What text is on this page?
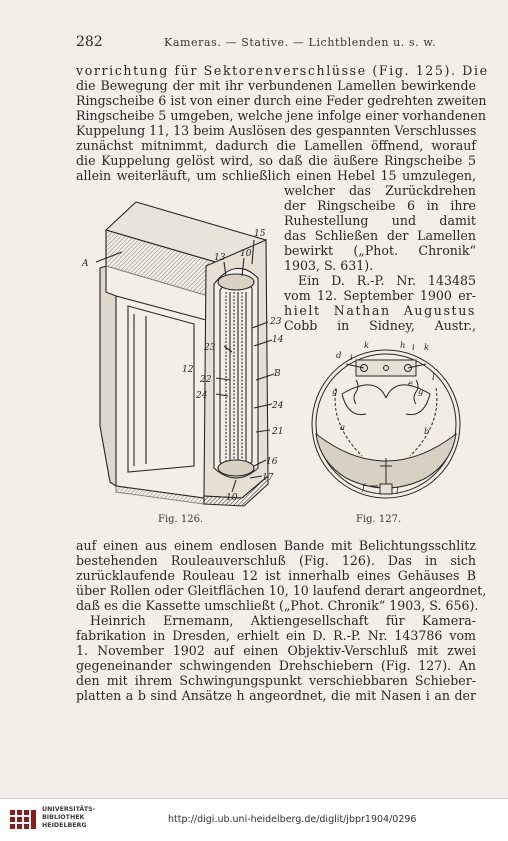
282	Kameras. — Stative. — Lichtblenden u. s. w.
vorrichtung für Sektorenverschlüsse (Fig. 125). Die
die Bewegung der mit ihr verbundenen Lamellen bewirkende
Ringscheibe 6 ist von einer durch eine Feder gedrehten zweiten
Ringscheibe 5 umgeben, welche jene infolge einer vorhandenen
Kuppelung 11, 13 beim Auslösen des gespannten Verschlusses
zunächst mitnimmt, dadurch die Lamellen öffnend, worauf
die Kuppelung gelöst wird, so daß die äußere Ringscheibe 5
allein weiterläuft, um schließlich einen Hebel 15 umzulegen,
welcher das Zurückdrehen
der Ringscheibe 6 in ihre
Ruhestellung und damit
das Schließen der Lamellen
bewirkt („Phot. Chronik“
1903, S. 631).
Ein D. R.-P. Nr. 143485
vom 12. September 1900 er-
hielt Nathan Augustus
Cobb in Sidney, Austr.,
A
15
13 10
23
14
23
12
22
B
24
24
21
16
17
10
Fig. 126.
d
k	h i k
i
l
g	g
e
a	b
f	l
Fig. 127.
auf einen aus einem endlosen Bande mit Belichtungsschlitz
bestehenden Rouleauverschluß (Fig. 126). Das in sich
zurücklaufende Rouleau 12 ist innerhalb eines Gehäuses B
über Rollen oder Gleitflächen 10, 10 laufend derart angeordnet,
daß es die Kassette umschließt („Phot. Chronik“ 1903, S. 656).
Heinrich Ernemann, Aktiengesellschaft für Kamera-
fabrikation in Dresden, erhielt ein D. R.-P. Nr. 143786 vom
1. November 1902 auf einen Objektiv-Verschluß mit zwei
gegeneinander schwingenden Drehschiebern (Fig. 127). An
den mit ihrem Schwingungspunkt verschiebbaren Schieber-
platten a b sind Ansätze h angeordnet, die mit Nasen i an der
UNIVERSITÄTS-
BIBLIOTHEK
HEIDELBERG
http://digi.ub.uni-heidelberg.de/diglit/jbpr1904/0296
